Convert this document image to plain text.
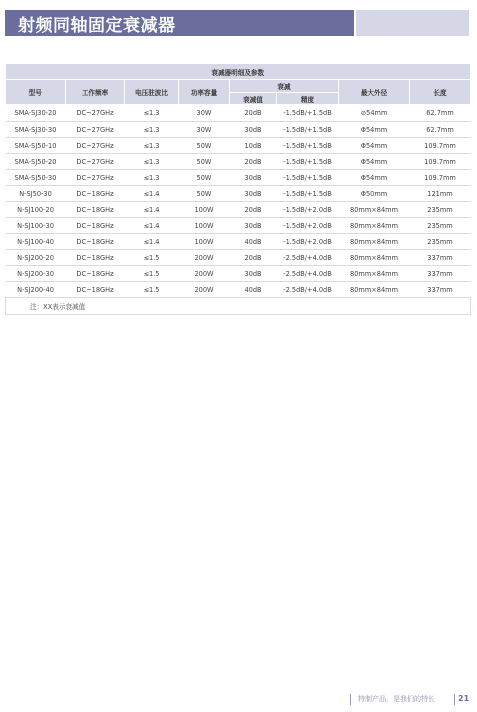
射频同轴固定衰减器
衰减器明细及参数							
型号	工作频率	电压驻波比	功率容量	衰减		最大外径	长度
				衰减值	精度		
SMA-SJ30-20	DC~27GHz	≤1.3	30W	20dB	-1.5dB/+1.5dB	⊘54mm	62.7mm
SMA-SJ30-30	DC~27GHz	≤1.3	30W	30dB	-1.5dB/+1.5dB	Φ54mm	62.7mm
SMA-SJ50-10	DC~27GHz	≤1.3	50W	10dB	-1.5dB/+1.5dB	Φ54mm	109.7mm
SMA-SJ50-20	DC~27GHz	≤1.3	50W	20dB	-1.5dB/+1.5dB	Φ54mm	109.7mm
SMA-SJ50-30	DC~27GHz	≤1.3	50W	30dB	-1.5dB/+1.5dB	Φ54mm	109.7mm
N-SJ50-30	DC~18GHz	≤1.4	50W	30dB	-1.5dB/+1.5dB	Φ50mm	121mm
N-SJ100-20	DC~18GHz	≤1.4	100W	20dB	-1.5dB/+2.0dB	80mm×84mm	235mm
N-SJ100-30	DC~18GHz	≤1.4	100W	30dB	-1.5dB/+2.0dB	80mm×84mm	235mm
N-SJ100-40	DC~18GHz	≤1.4	100W	40dB	-1.5dB/+2.0dB	80mm×84mm	235mm
N-SJ200-20	DC~18GHz	≤1.5	200W	20dB	-2.5dB/+4.0dB	80mm×84mm	337mm
N-SJ200-30	DC~18GHz	≤1.5	200W	30dB	-2.5dB/+4.0dB	80mm×84mm	337mm
N-SJ200-40	DC~18GHz	≤1.5	200W	40dB	-2.5dB/+4.0dB	80mm×84mm	337mm
注：XX表示衰减值							
特制产品，是我们的特长	21
